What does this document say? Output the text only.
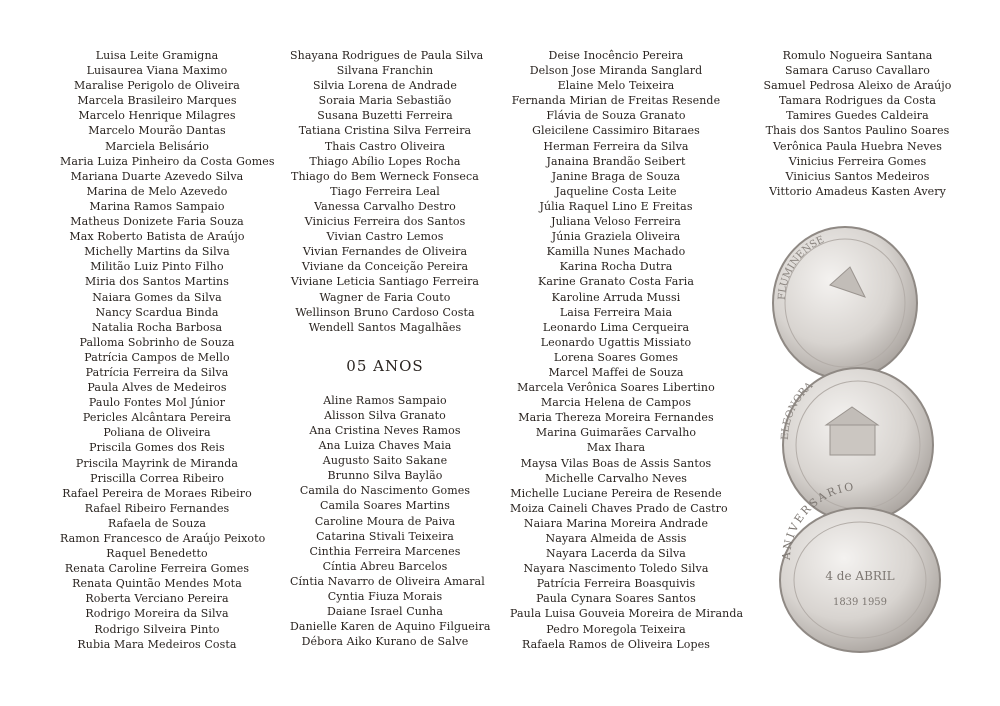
Luisa Leite Gramigna
Luisaurea Viana Maximo
Maralise Perigolo de Oliveira
Marcela Brasileiro Marques
Marcelo Henrique Milagres
Marcelo Mourão Dantas
Marciela Belisário
Maria Luiza Pinheiro da Costa Gomes
Mariana Duarte Azevedo Silva
Marina de Melo Azevedo
Marina Ramos Sampaio
Matheus Donizete Faria Souza
Max Roberto Batista de Araújo
Michelly Martins da Silva
Militão Luiz Pinto Filho
Miria dos Santos Martins
Naiara Gomes da Silva
Nancy Scardua Binda
Natalia Rocha Barbosa
Palloma Sobrinho de Souza
Patrícia Campos de Mello
Patrícia Ferreira da Silva
Paula Alves de Medeiros
Paulo Fontes Mol Júnior
Pericles Alcântara Pereira
Poliana de Oliveira
Priscila Gomes dos Reis
Priscila Mayrink de Miranda
Priscilla Correa Ribeiro
Rafael Pereira de Moraes Ribeiro
Rafael Ribeiro Fernandes
Rafaela de Souza
Ramon Francesco de Araújo Peixoto
Raquel Benedetto
Renata Caroline Ferreira Gomes
Renata Quintão Mendes Mota
Roberta Verciano Pereira
Rodrigo Moreira da Silva
Rodrigo Silveira Pinto
Rubia Mara Medeiros Costa
Shayana Rodrigues de Paula Silva
Silvana Franchin
Silvia Lorena de Andrade
Soraia Maria Sebastião
Susana Buzetti Ferreira
Tatiana Cristina Silva Ferreira
Thais Castro Oliveira
Thiago Abílio Lopes Rocha
Thiago do Bem Werneck Fonseca
Tiago Ferreira Leal
Vanessa Carvalho Destro
Vinicius Ferreira dos Santos
Vivian Castro Lemos
Vivian Fernandes de Oliveira
Viviane da Conceição Pereira
Viviane Leticia Santiago Ferreira
Wagner de Faria Couto
Wellinson Bruno Cardoso Costa
Wendell Santos Magalhães
05 ANOS
Aline Ramos Sampaio
Alisson Silva Granato
Ana Cristina Neves Ramos
Ana Luiza Chaves Maia
Augusto Saito Sakane
Brunno Silva Baylão
Camila do Nascimento Gomes
Camila Soares Martins
Caroline Moura de Paiva
Catarina Stivali Teixeira
Cinthia Ferreira Marcenes
Cíntia Abreu Barcelos
Cíntia Navarro de Oliveira Amaral
Cyntia Fiuza Morais
Daiane Israel Cunha
Danielle Karen de Aquino Filgueira
Débora Aiko Kurano de Salve
Deise Inocêncio Pereira
Delson Jose Miranda Sanglard
Elaine Melo Teixeira
Fernanda Mirian de Freitas Resende
Flávia de Souza Granato
Gleicilene Cassimiro Bitaraes
Herman Ferreira da Silva
Janaina Brandão Seibert
Janine Braga de Souza
Jaqueline Costa Leite
Júlia Raquel Lino E Freitas
Juliana Veloso Ferreira
Júnia Graziela Oliveira
Kamilla Nunes Machado
Karina Rocha Dutra
Karine Granato Costa Faria
Karoline Arruda Mussi
Laisa Ferreira Maia
Leonardo Lima Cerqueira
Leonardo Ugattis Missiato
Lorena Soares Gomes
Marcel Maffei de Souza
Marcela Verônica Soares Libertino
Marcia Helena de Campos
Maria Thereza Moreira Fernandes
Marina Guimarães Carvalho
Max Ihara
Maysa Vilas Boas de Assis Santos
Michelle Carvalho Neves
Michelle Luciane Pereira de Resende
Moiza Caineli Chaves Prado de Castro
Naiara Marina Moreira Andrade
Nayara Almeida de Assis
Nayara Lacerda da Silva
Nayara Nascimento Toledo Silva
Patrícia Ferreira Boasquivis
Paula Cynara Soares Santos
Paula Luisa Gouveia Moreira de Miranda
Pedro Moregola Teixeira
Rafaela Ramos de Oliveira Lopes
Romulo Nogueira Santana
Samara Caruso Cavallaro
Samuel Pedrosa Aleixo de Araújo
Tamara Rodrigues da Costa
Tamires Guedes Caldeira
Thais dos Santos Paulino Soares
Verônica Paula Huebra Neves
Vinicius Ferreira Gomes
Vinicius Santos Medeiros
Vittorio Amadeus Kasten Avery
FLUMINENSE
ELEONORA
ANIVERSARIO
4 de ABRIL
1839 1959
